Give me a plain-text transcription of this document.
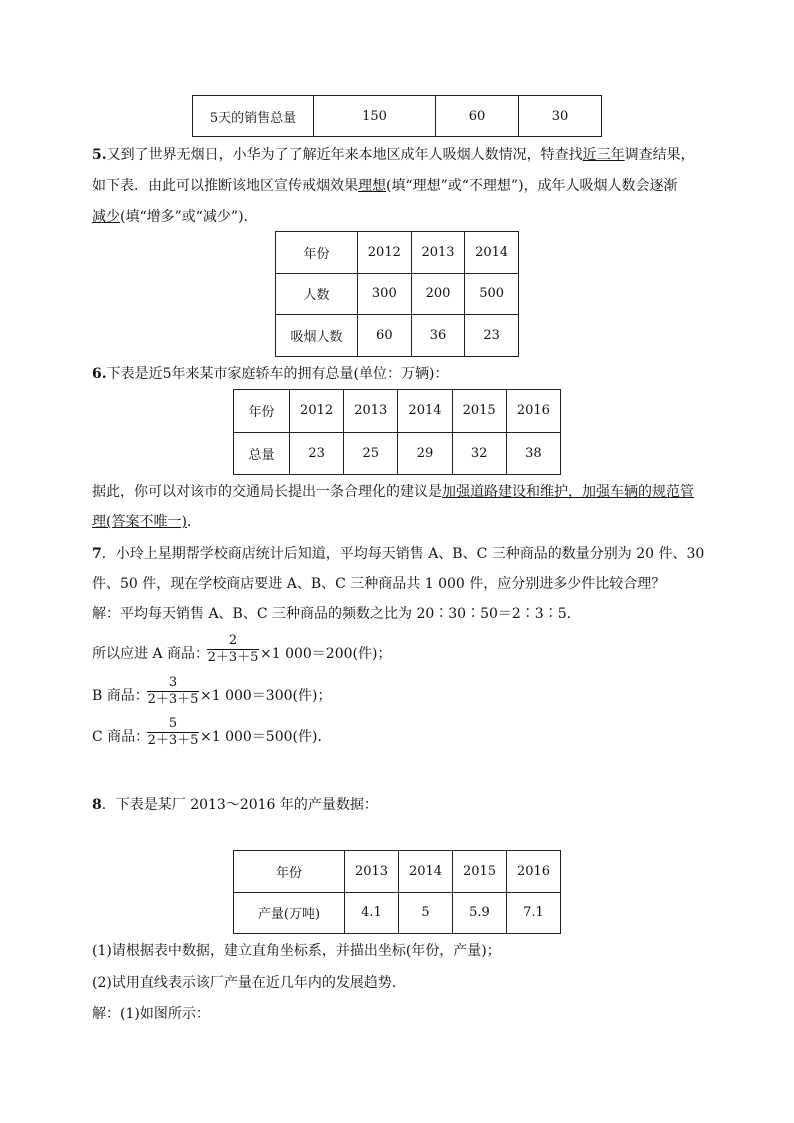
5天的销售总量	150	60	30
5.又到了世界无烟日，小华为了了解近年来本地区成年人吸烟人数情况，特查找近三年调查结果，
如下表．由此可以推断该地区宣传戒烟效果理想(填“理想”或“不理想”)，成年人吸烟人数会逐渐
减少(填“增多”或“减少”)．
年份	2012	2013	2014
人数	300	200	500
吸烟人数	60	36	23
6.下表是近5年来某市家庭轿车的拥有总量(单位：万辆)：
年份	2012	2013	2014	2015	2016
总量	23	25	29	32	38
据此，你可以对该市的交通局长提出一条合理化的建议是加强道路建设和维护，加强车辆的规范管
理(答案不唯一)．
7．小玲上星期帮学校商店统计后知道，平均每天销售 A、B、C 三种商品的数量分别为 20 件、30
件、50 件，现在学校商店要进 A、B、C 三种商品共 1 000 件，应分别进多少件比较合理？
解：平均每天销售 A、B、C 三种商品的频数之比为 20∶30∶50＝2∶3∶5.
所以应进 A 商品：
$\frac{2}{2+3+5} \times 1$ 000＝200(件)；
B 商品：
$\frac{3}{2+3+5} \times 1$ 000＝300(件)；
C 商品：
$\frac{5}{2+3+5} \times 1$ 000＝500(件)．
8．下表是某厂 2013～2016 年的产量数据：
年份	2013	2014	2015	2016
产量(万吨)	4.1	5	5.9	7.1
(1)请根据表中数据，建立直角坐标系，并描出坐标(年份，产量)；
(2)试用直线表示该厂产量在近几年内的发展趋势．
解：(1)如图所示：
